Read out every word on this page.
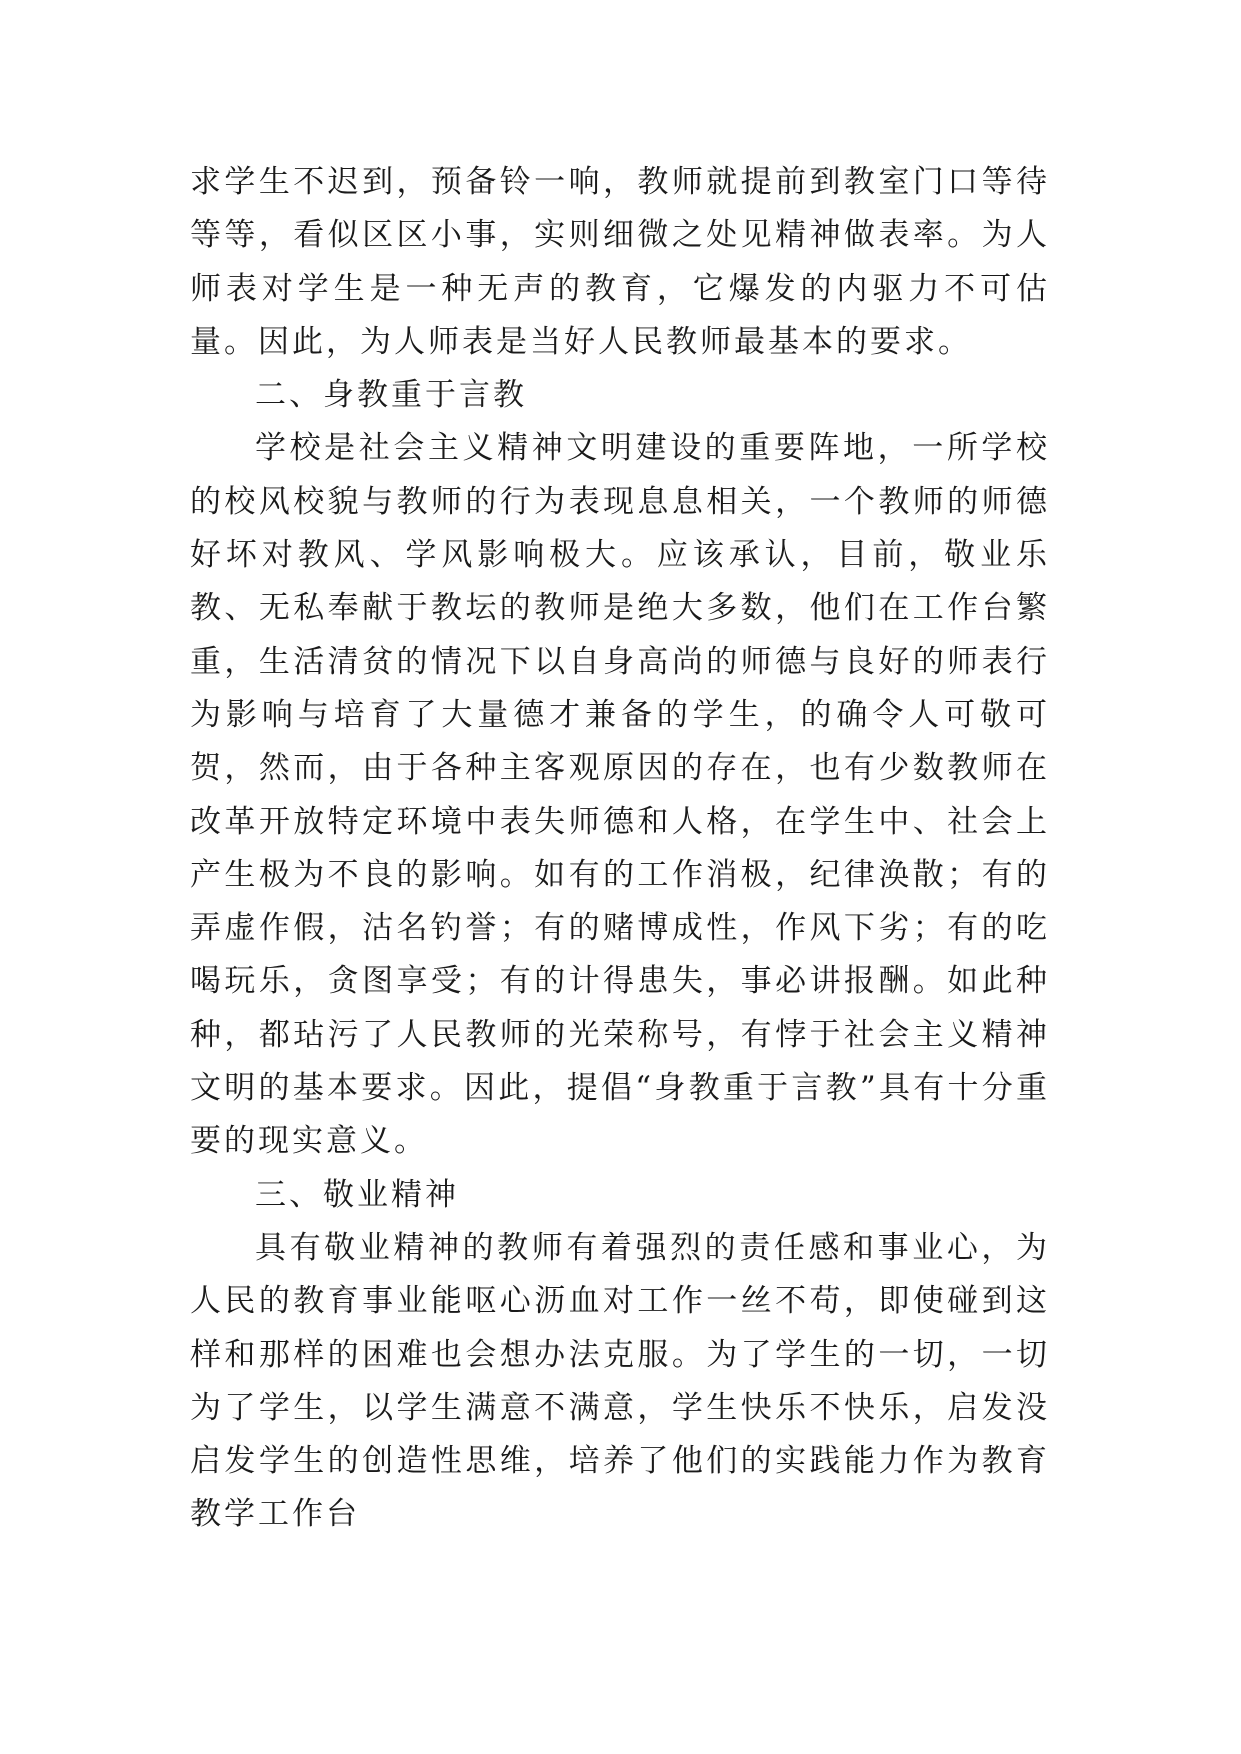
求学生不迟到，预备铃一响，教师就提前到教室门口等待等等，看似区区小事，实则细微之处见精神做表率。为人师表对学生是一种无声的教育，它爆发的内驱力不可估量。因此，为人师表是当好人民教师最基本的要求。

二、身教重于言教

学校是社会主义精神文明建设的重要阵地，一所学校的校风校貌与教师的行为表现息息相关，一个教师的师德好坏对教风、学风影响极大。应该承认，目前，敬业乐教、无私奉献于教坛的教师是绝大多数，他们在工作台繁重，生活清贫的情况下以自身高尚的师德与良好的师表行为影响与培育了大量德才兼备的学生，的确令人可敬可贺，然而，由于各种主客观原因的存在，也有少数教师在改革开放特定环境中表失师德和人格，在学生中、社会上产生极为不良的影响。如有的工作消极，纪律涣散；有的弄虚作假，沽名钓誉；有的赌博成性，作风下劣；有的吃喝玩乐，贪图享受；有的计得患失，事必讲报酬。如此种种，都玷污了人民教师的光荣称号，有悖于社会主义精神文明的基本要求。因此，提倡“身教重于言教”具有十分重要的现实意义。

三、敬业精神

具有敬业精神的教师有着强烈的责任感和事业心，为人民的教育事业能呕心沥血对工作一丝不苟，即使碰到这样和那样的困难也会想办法克服。为了学生的一切，一切为了学生，以学生满意不满意，学生快乐不快乐，启发没启发学生的创造性思维，培养了他们的实践能力作为教育教学工作台
